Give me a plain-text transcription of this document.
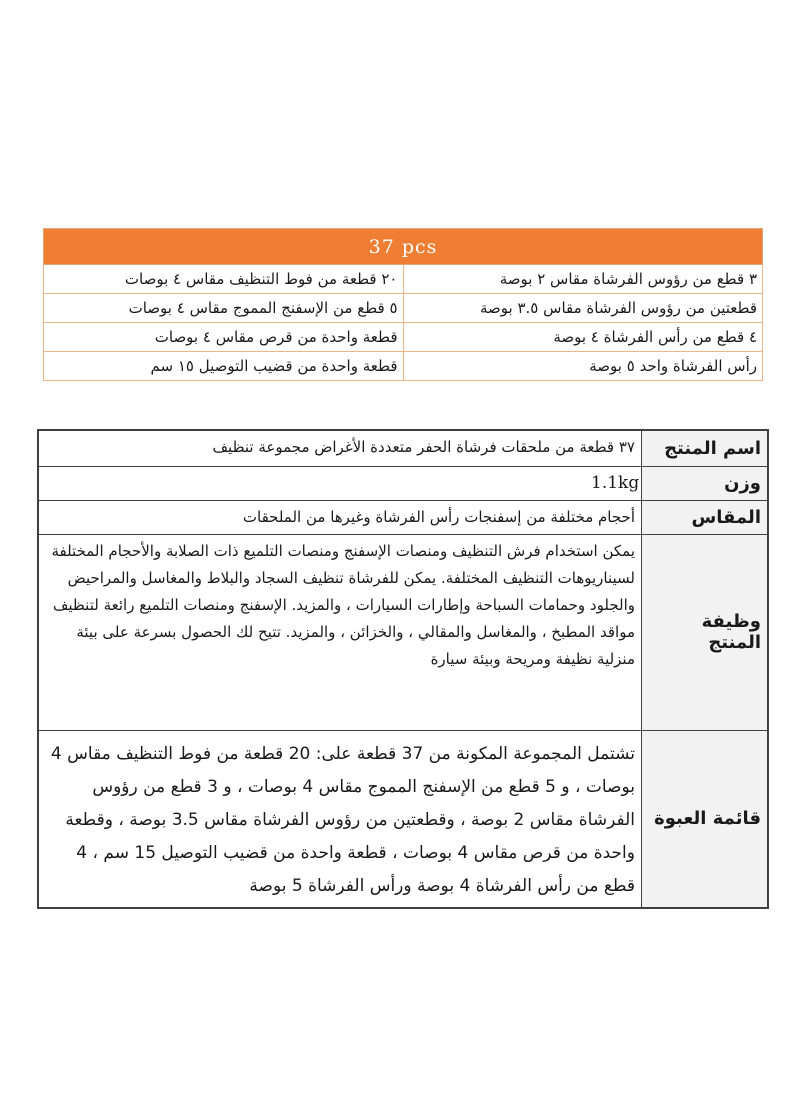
37 pcs	
٢٠ قطعة من فوط التنظيف مقاس ٤ بوصات	٣ قطع من رؤوس الفرشاة مقاس ٢ بوصة
٥ قطع من الإسفنج المموج مقاس ٤ بوصات	قطعتين من رؤوس الفرشاة مقاس ٣.٥ بوصة
قطعة واحدة من قرص مقاس ٤ بوصات	٤ قطع من رأس الفرشاة ٤ بوصة
قطعة واحدة من قضيب التوصيل ١٥ سم	رأس الفرشاة واحد ٥ بوصة
اسم المنتج	٣٧ قطعة من ملحقات فرشاة الحفر متعددة الأغراض مجموعة تنظيف
وزن	1.1kg
المقاس	أحجام مختلفة من إسفنجات رأس الفرشاة وغيرها من الملحقات
وظيفة المنتج	يمكن استخدام فرش التنظيف ومنصات الإسفنج ومنصات التلميع ذات الصلابة والأحجام المختلفة لسيناريوهات التنظيف المختلفة. يمكن للفرشاة تنظيف السجاد والبلاط والمغاسل والمراحيض والجلود وحمامات السباحة وإطارات السيارات ، والمزيد. الإسفنج ومنصات التلميع رائعة لتنظيف مواقد المطبخ ، والمغاسل والمقالي ، والخزائن ، والمزيد. تتيح لك الحصول بسرعة على بيئة منزلية نظيفة ومريحة وبيئة سيارة
قائمة العبوة	تشتمل المجموعة المكونة من 37 قطعة على: 20 قطعة من فوط التنظيف مقاس 4 بوصات ، و 5 قطع من الإسفنج المموج مقاس 4 بوصات ، و 3 قطع من رؤوس الفرشاة مقاس 2 بوصة ، وقطعتين من رؤوس الفرشاة مقاس 3.5 بوصة ، وقطعة واحدة من قرص مقاس 4 بوصات ، قطعة واحدة من قضيب التوصيل 15 سم ، 4 قطع من رأس الفرشاة 4 بوصة ورأس الفرشاة 5 بوصة
